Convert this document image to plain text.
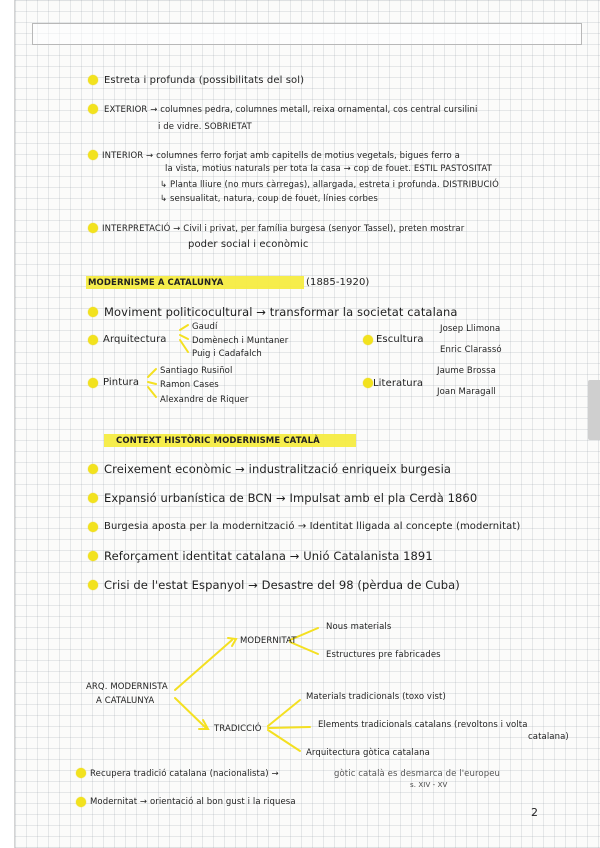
Estreta i profunda (possibilitats del sol)
EXTERIOR → columnes pedra, columnes metall, reixa ornamental, cos central cursilini
i de vidre. SOBRIETAT
INTERIOR → columnes ferro forjat amb capitells de motius vegetals, bigues ferro a
la vista, motius naturals per tota la casa → cop de fouet. ESTIL PASTOSITAT
↳ Planta lliure (no murs càrregas), allargada, estreta i profunda. DISTRIBUCIÓ
↳ sensualitat, natura, coup de fouet, línies corbes
INTERPRETACIÓ → Civil i privat, per família burgesa (senyor Tassel), preten mostrar
poder social i econòmic
MODERNISME A CATALUNYA	(1885-1920)
Moviment politicocultural → transformar la societat catalana
Arquitectura
Gaudí
Domènech i Muntaner
Puig i Cadafalch
Escultura
Josep Llimona
Enric Clarassó
Pintura
Santiago Rusiñol
Ramon Cases
Alexandre de Riquer
Literatura
Jaume Brossa
Joan Maragall
CONTEXT HISTÒRIC MODERNISME CATALÀ
Creixement econòmic → industralització enriqueix burgesia
Expansió urbanística de BCN → Impulsat amb el pla Cerdà 1860
Burgesia aposta per la modernització → Identitat lligada al concepte (modernitat)
Reforçament identitat catalana → Unió Catalanista 1891
Crisi de l'estat Espanyol → Desastre del 98 (pèrdua de Cuba)
ARQ. MODERNISTA
A CATALUNYA
MODERNITAT
Nous materials
Estructures pre fabricades
TRADICCIÓ
Materials tradicionals (toxo vist)
Elements tradicionals catalans (revoltons i volta
catalana)
Arquitectura gòtica catalana
Recupera tradició catalana (nacionalista) →	gòtic català es desmarca de l'europeu
s. XIV - XV
Modernitat → orientació al bon gust i la riquesa
2
